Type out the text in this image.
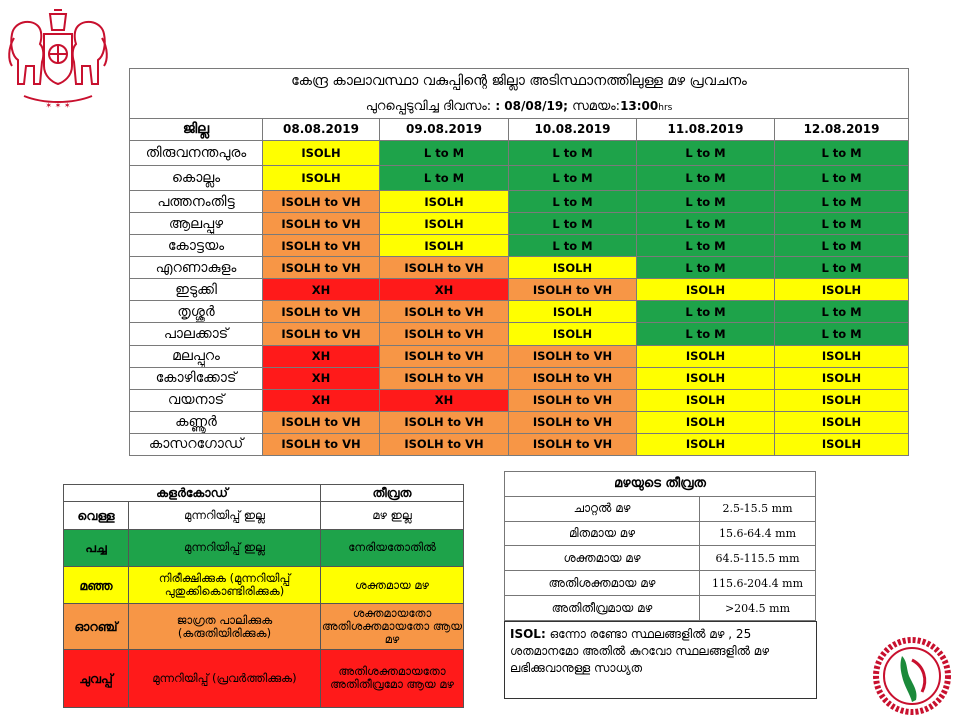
✶ ✶ ✶
കേന്ദ്ര കാലാവസ്ഥാ വകുപ്പിന്റെ ജില്ലാ അടിസ്ഥാനത്തിലുള്ള മഴ പ്രവചനം					
പുറപ്പെടുവിച്ച ദിവസം: : 08/08/19; സമയം:13:00hrs					
ജില്ല	08.08.2019	09.08.2019	10.08.2019	11.08.2019	12.08.2019
തിരുവനന്തപുരം	ISOLH	L to M	L to M	L to M	L to M
കൊല്ലം	ISOLH	L to M	L to M	L to M	L to M
പത്തനംതിട്ട	ISOLH to VH	ISOLH	L to M	L to M	L to M
ആലപ്പുഴ	ISOLH to VH	ISOLH	L to M	L to M	L to M
കോട്ടയം	ISOLH to VH	ISOLH	L to M	L to M	L to M
എറണാകുളം	ISOLH to VH	ISOLH to VH	ISOLH	L to M	L to M
ഇടുക്കി	XH	XH	ISOLH to VH	ISOLH	ISOLH
തൃശ്ശൂർ	ISOLH to VH	ISOLH to VH	ISOLH	L to M	L to M
പാലക്കാട്	ISOLH to VH	ISOLH to VH	ISOLH	L to M	L to M
മലപ്പുറം	XH	ISOLH to VH	ISOLH to VH	ISOLH	ISOLH
കോഴിക്കോട്	XH	ISOLH to VH	ISOLH to VH	ISOLH	ISOLH
വയനാട്	XH	XH	ISOLH to VH	ISOLH	ISOLH
കണ്ണൂർ	ISOLH to VH	ISOLH to VH	ISOLH to VH	ISOLH	ISOLH
കാസറഗോഡ്	ISOLH to VH	ISOLH to VH	ISOLH to VH	ISOLH	ISOLH
കളർകോഡ്		തീവ്രത
വെള്ള	മുന്നറിയിപ്പ് ഇല്ല	മഴ ഇല്ല
പച്ച	മുന്നറിയിപ്പ് ഇല്ല	നേരിയതോതിൽ
മഞ്ഞ	നിരീക്ഷിക്കുക (മുന്നറിയിപ്പ് പുതുക്കികൊണ്ടിരിക്കുക)	ശക്തമായ മഴ
ഓറഞ്ച്	ജാഗ്രത പാലിക്കുക (കരുതിയിരിക്കുക)	ശക്തമായതോ അതിശക്തമായതോ ആയ മഴ
ചുവപ്പ്	മുന്നറിയിപ്പ് (പ്രവർത്തിക്കുക)	അതിശക്തമായതോ അതിതീവ്രമോ ആയ മഴ
മഴയുടെ തീവ്രത	
ചാറ്റൽ മഴ	2.5-15.5 mm
മിതമായ മഴ	15.6-64.4 mm
ശക്തമായ മഴ	64.5-115.5 mm
അതിശക്തമായ മഴ	115.6-204.4 mm
അതിതീവ്രമായ മഴ	>204.5 mm
ISOL: ഒന്നോ രണ്ടോ സ്ഥലങ്ങളിൽ മഴ , 25 ശതമാനമോ അതിൽ കുറവോ സ്ഥലങ്ങളിൽ മഴ ലഭിക്കുവാനുള്ള സാധ്യത
